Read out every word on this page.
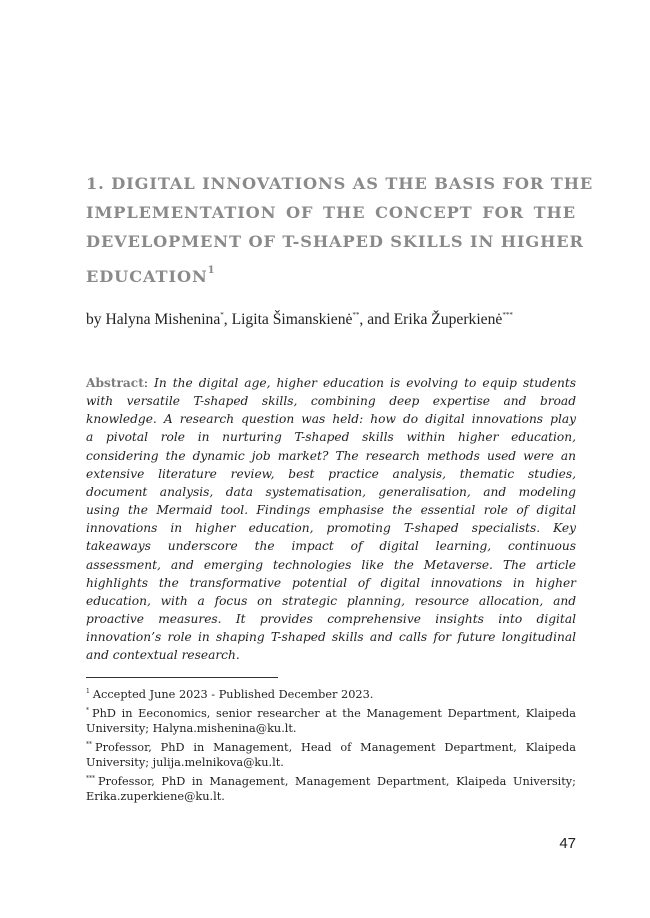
1. DIGITAL INNOVATIONS AS THE BASIS FOR THE
IMPLEMENTATION OF THE CONCEPT FOR THE
DEVELOPMENT OF T-SHAPED SKILLS IN HIGHER
EDUCATION$^1$
by Halyna Mishenina*, Ligita Šimanskienė**, and Erika Župerkienė***
Abstract: In the digital age, higher education is evolving to equip students
with versatile T-shaped skills, combining deep expertise and broad
knowledge. A research question was held: how do digital innovations play
a pivotal role in nurturing T-shaped skills within higher education,
considering the dynamic job market? The research methods used were an
extensive literature review, best practice analysis, thematic studies,
document analysis, data systematisation, generalisation, and modeling
using the Mermaid tool. Findings emphasise the essential role of digital
innovations in higher education, promoting T-shaped specialists. Key
takeaways underscore the impact of digital learning, continuous
assessment, and emerging technologies like the Metaverse. The article
highlights the transformative potential of digital innovations in higher
education, with a focus on strategic planning, resource allocation, and
proactive measures. It provides comprehensive insights into digital
innovation’s role in shaping T-shaped skills and calls for future longitudinal
and contextual research.
$^1$ Accepted June 2023 - Published December 2023.
* PhD in Eeconomics, senior researcher at the Management Department, Klaipeda
University; Halyna.mishenina@ku.lt.
** Professor, PhD in Management, Head of Management Department, Klaipeda
University; julija.melnikova@ku.lt.
*** Professor, PhD in Management, Management Department, Klaipeda University;
Erika.zuperkiene@ku.lt.
47
